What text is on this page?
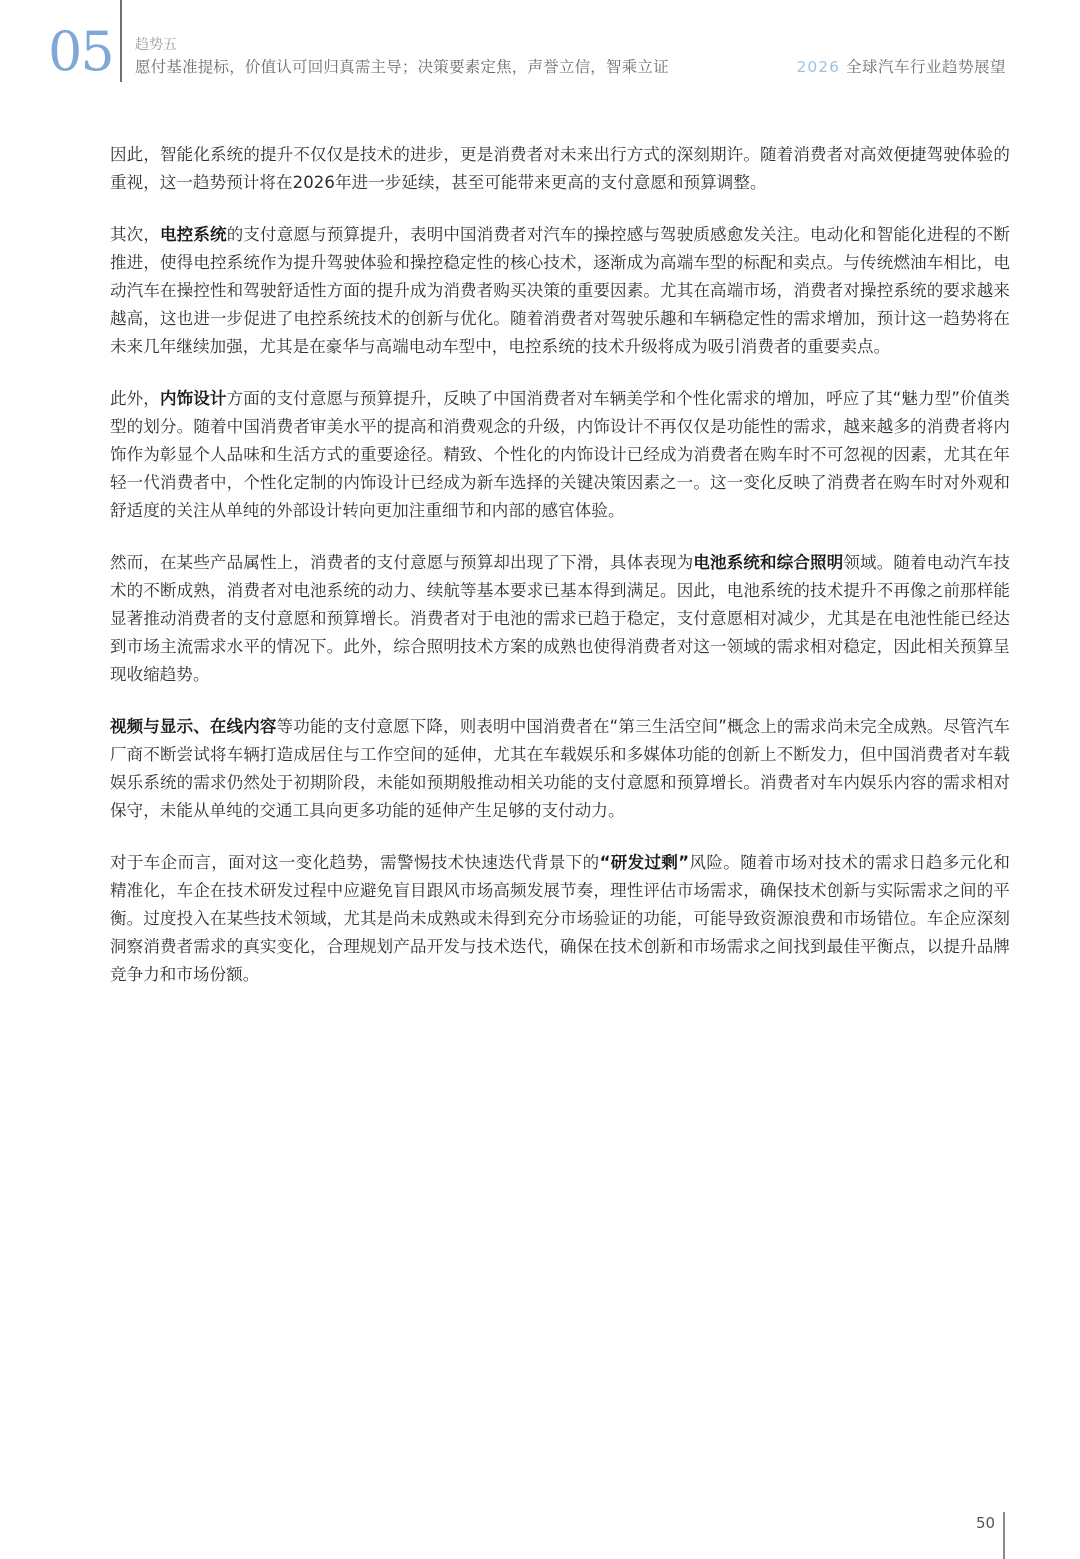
05 趋势五
愿付基准提标，价值认可回归真需主导；决策要素定焦，声誉立信，智乘立证	2026 全球汽车行业趋势展望

因此，智能化系统的提升不仅仅是技术的进步，更是消费者对未来出行方式的深刻期许。随着消费者对高效便捷驾驶体验的重视，这一趋势预计将在2026年进一步延续，甚至可能带来更高的支付意愿和预算调整。

其次，电控系统的支付意愿与预算提升，表明中国消费者对汽车的操控感与驾驶质感愈发关注。电动化和智能化进程的不断推进，使得电控系统作为提升驾驶体验和操控稳定性的核心技术，逐渐成为高端车型的标配和卖点。与传统燃油车相比，电动汽车在操控性和驾驶舒适性方面的提升成为消费者购买决策的重要因素。尤其在高端市场，消费者对操控系统的要求越来越高，这也进一步促进了电控系统技术的创新与优化。随着消费者对驾驶乐趣和车辆稳定性的需求增加，预计这一趋势将在未来几年继续加强，尤其是在豪华与高端电动车型中，电控系统的技术升级将成为吸引消费者的重要卖点。

此外，内饰设计方面的支付意愿与预算提升，反映了中国消费者对车辆美学和个性化需求的增加，呼应了其“魅力型”价值类型的划分。随着中国消费者审美水平的提高和消费观念的升级，内饰设计不再仅仅是功能性的需求，越来越多的消费者将内饰作为彰显个人品味和生活方式的重要途径。精致、个性化的内饰设计已经成为消费者在购车时不可忽视的因素，尤其在年轻一代消费者中，个性化定制的内饰设计已经成为新车选择的关键决策因素之一。这一变化反映了消费者在购车时对外观和舒适度的关注从单纯的外部设计转向更加注重细节和内部的感官体验。

然而，在某些产品属性上，消费者的支付意愿与预算却出现了下滑，具体表现为电池系统和综合照明领域。随着电动汽车技术的不断成熟，消费者对电池系统的动力、续航等基本要求已基本得到满足。因此，电池系统的技术提升不再像之前那样能显著推动消费者的支付意愿和预算增长。消费者对于电池的需求已趋于稳定，支付意愿相对减少，尤其是在电池性能已经达到市场主流需求水平的情况下。此外，综合照明技术方案的成熟也使得消费者对这一领域的需求相对稳定，因此相关预算呈现收缩趋势。

视频与显示、在线内容等功能的支付意愿下降，则表明中国消费者在“第三生活空间”概念上的需求尚未完全成熟。尽管汽车厂商不断尝试将车辆打造成居住与工作空间的延伸，尤其在车载娱乐和多媒体功能的创新上不断发力，但中国消费者对车载娱乐系统的需求仍然处于初期阶段，未能如预期般推动相关功能的支付意愿和预算增长。消费者对车内娱乐内容的需求相对保守，未能从单纯的交通工具向更多功能的延伸产生足够的支付动力。

对于车企而言，面对这一变化趋势，需警惕技术快速迭代背景下的“研发过剩”风险。随着市场对技术的需求日趋多元化和精准化，车企在技术研发过程中应避免盲目跟风市场高频发展节奏，理性评估市场需求，确保技术创新与实际需求之间的平衡。过度投入在某些技术领域，尤其是尚未成熟或未得到充分市场验证的功能，可能导致资源浪费和市场错位。车企应深刻洞察消费者需求的真实变化，合理规划产品开发与技术迭代，确保在技术创新和市场需求之间找到最佳平衡点，以提升品牌竞争力和市场份额。

50
